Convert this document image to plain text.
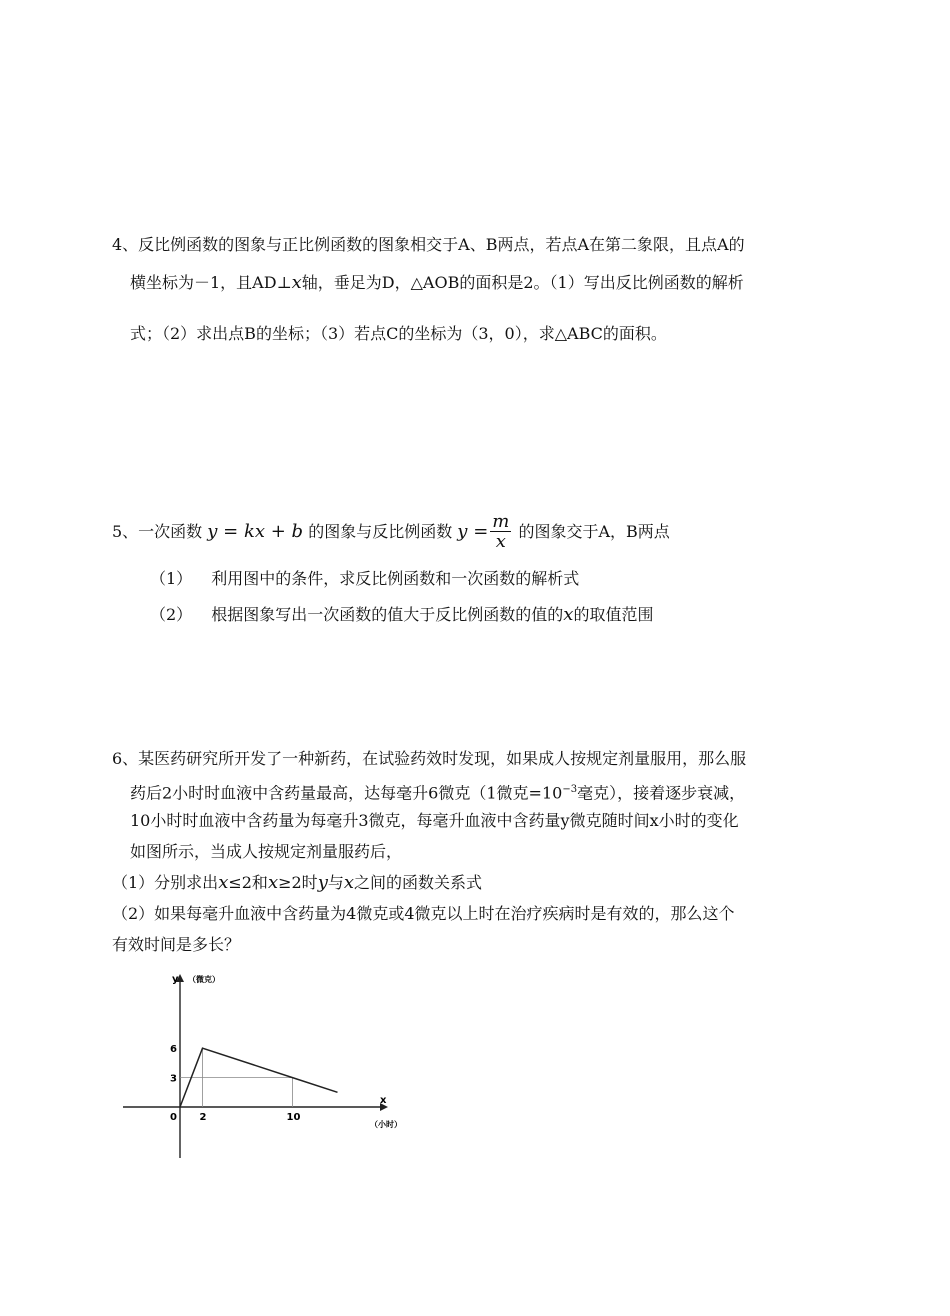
4、反比例函数的图象与正比例函数的图象相交于A、B两点，若点A在第二象限，且点A的
横坐标为－1，且AD⊥x轴，垂足为D，△AOB的面积是2。（1）写出反比例函数的解析
式；（2）求出点B的坐标；（3）若点C的坐标为（3，0），求△ABC的面积。
5、一次函数 y = kx + b 的图象与反比例函数 $y = \frac{m}{x}$ 的图象交于A，B两点
（1） 利用图中的条件，求反比例函数和一次函数的解析式
（2） 根据图象写出一次函数的值大于反比例函数的值的x的取值范围
6、某医药研究所开发了一种新药，在试验药效时发现，如果成人按规定剂量服用，那么服
药后2小时时血液中含药量最高，达每毫升6微克（1微克$=10^{-3}$毫克），接着逐步衰减，
10小时时血液中含药量为每毫升3微克，每毫升血液中含药量y微克随时间x小时的变化
如图所示，当成人按规定剂量服药后，
（1）分别求出x≤2和x≥2时y与x之间的函数关系式
（2）如果每毫升血液中含药量为4微克或4微克以上时在治疗疾病时是有效的，那么这个
有效时间是多长？
y （微克）
x
（小时）
0 2	10
6
3
